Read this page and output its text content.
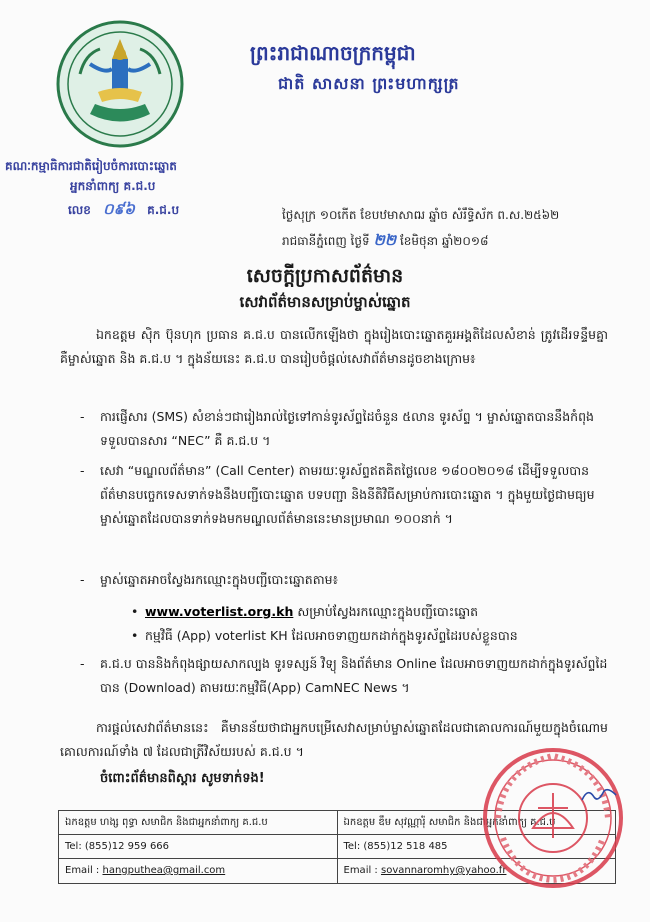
គណៈកម្មាធិការជាតិរៀបចំការបោះឆ្នោត
អ្នកនាំពាក្យ គ.ជ.ប
លេខ ០៩៦ គ.ជ.ប
ព្រះរាជាណាចក្រកម្ពុជា
ជាតិ សាសនា ព្រះមហាក្សត្រ
ថ្ងៃសុក្រ ១០កើត ខែបឋមាសាឍ ឆ្នាំច សំរឹទ្ធិស័ក ព.ស.២៥៦២
រាជធានីភ្នំពេញ ថ្ងៃទី ២២ ខែមិថុនា ឆ្នាំ២០១៨
សេចក្ដីប្រកាសព័ត៌មាន
សេវាព័ត៌មានសម្រាប់ម្ចាស់ឆ្នោត
ឯកឧត្តម ស៊ិក ប៊ុនហុក ប្រធាន គ.ជ.ប បានលើកឡើងថា ក្នុងរៀងបោះឆ្នោតគួរអង្គតិដែលសំខាន់ ត្រូវដើរទន្ទឹមគ្នា គឺម្ចាស់ឆ្នោត និង គ.ជ.ប ។ ក្នុងន័យនេះ គ.ជ.ប បានរៀបចំផ្ដល់សេវាព័ត៌មានដូចខាងក្រោម៖
- ការផ្ញើសារ (SMS) សំខាន់ៗជារៀងរាល់ថ្ងៃទៅកាន់ទូរស័ព្ទដៃចំនួន ៥លាន ទូរស័ព្ទ ។ ម្ចាស់ឆ្នោតបាននឹងកំពុងទទួលបានសារ “NEC” គឺ គ.ជ.ប ។
- សេវា “មណ្ឌលព័ត៌មាន” (Call Center) តាមរយៈទូរស័ព្ទឥតគិតថ្លៃលេខ ១៨០០២០១៨ ដើម្បីទទួលបានព័ត៌មានបច្ចេកទេសទាក់ទងនឹងបញ្ជីបោះឆ្នោត បទបញ្ជា និងនីតិវិធីសម្រាប់ការបោះឆ្នោត ។ ក្នុងមួយថ្ងៃជាមធ្យម ម្ចាស់ឆ្នោតដែលបានទាក់ទងមកមណ្ឌលព័ត៌មាននេះមានប្រមាណ ១០០នាក់ ។
- ម្ចាស់ឆ្នោតអាចស្វែងរកឈ្មោះក្នុងបញ្ជីបោះឆ្នោតតាម៖
• www.voterlist.org.kh សម្រាប់ស្វែងរកឈ្មោះក្នុងបញ្ជីបោះឆ្នោត
• កម្មវិធី (App) voterlist KH ដែលអាចទាញយកដាក់ក្នុងទូរស័ព្ទដៃរបស់ខ្លួនបាន
- គ.ជ.ប បាននិងកំពុងផ្សាយសាកល្បង ទូរទស្សន៍ វិទ្យុ និងព័ត៌មាន Online ដែលអាចទាញយកដាក់ក្នុងទូរស័ព្ទដៃបាន (Download) តាមរយៈកម្មវិធី(App) CamNEC News ។
ការផ្ដល់សេវាព័ត៌មាននេះ គឺមានន័យថាជាអ្នកបម្រើសេវាសម្រាប់ម្ចាស់ឆ្នោតដែលជាគោលការណ៍មួយក្នុងចំណោមគោលការណ៍ទាំង ៧ ដែលជាត្រីវិស័យរបស់ គ.ជ.ប ។
ចំពោះព័ត៌មានពិស្ដារ សូមទាក់ទង!
ឯកឧត្តម ហង្ស ពុទ្ធា សមាជិក និងជាអ្នកនាំពាក្យ គ.ជ.ប
Tel: (855)12 959 666
Email : hangputhea@gmail.com
ឯកឧត្តម ឌឹម សុវណ្ណារ៉ុំ សមាជិក និងជាអ្នកនាំពាក្យ គ.ជ.ប
Tel: (855)12 518 485
Email : sovannaromhy@yahoo.fr
